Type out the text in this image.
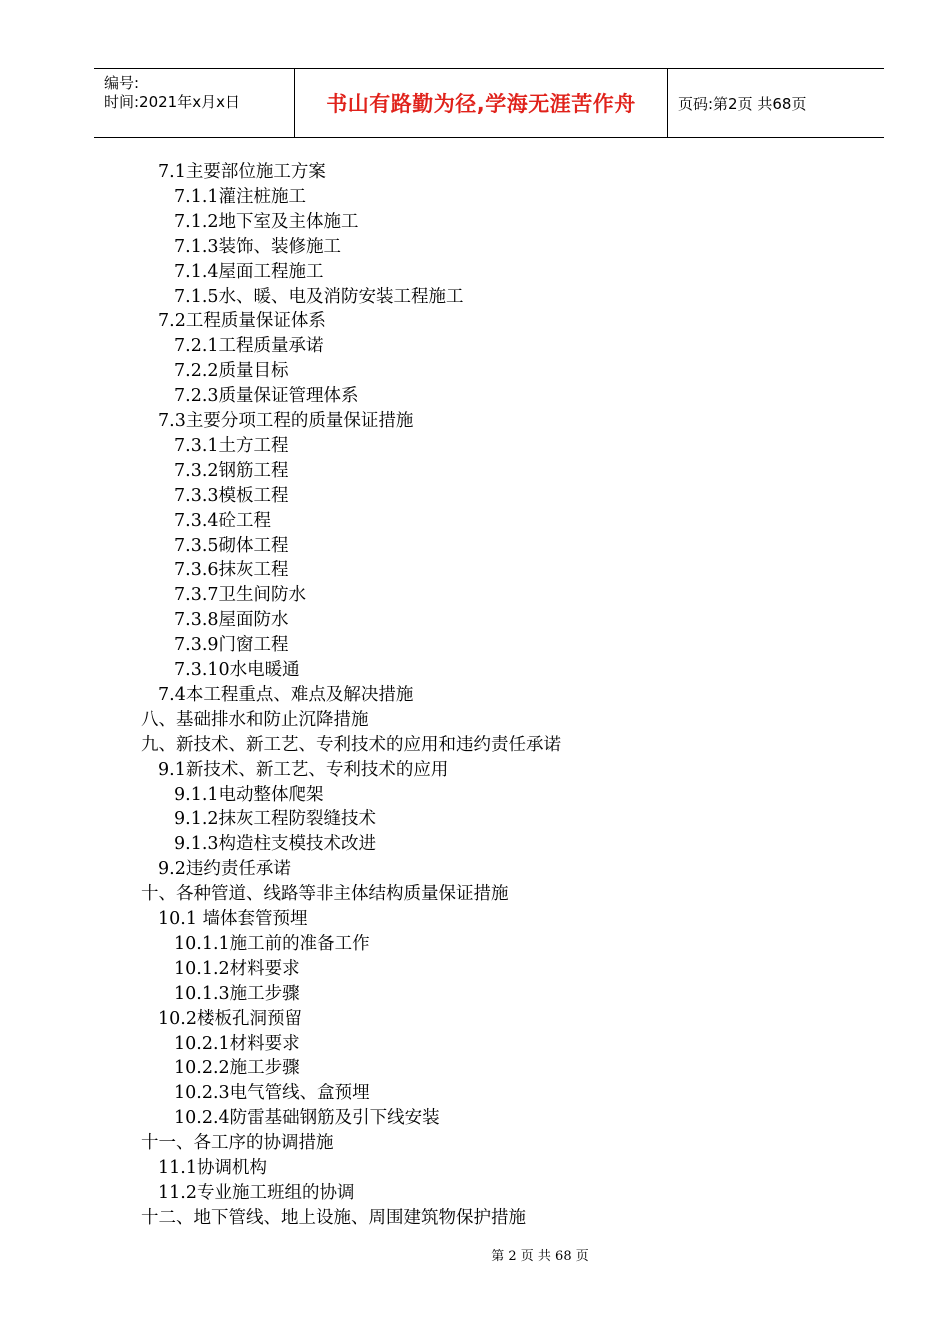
编号:
时间:2021年x月x日	书山有路勤为径,学海无涯苦作舟	页码:第2页 共68页
7.1主要部位施工方案
7.1.1灌注桩施工
7.1.2地下室及主体施工
7.1.3装饰、装修施工
7.1.4屋面工程施工
7.1.5水、暖、电及消防安装工程施工
7.2工程质量保证体系
7.2.1工程质量承诺
7.2.2质量目标
7.2.3质量保证管理体系
7.3主要分项工程的质量保证措施
7.3.1土方工程
7.3.2钢筋工程
7.3.3模板工程
7.3.4砼工程
7.3.5砌体工程
7.3.6抹灰工程
7.3.7卫生间防水
7.3.8屋面防水
7.3.9门窗工程
7.3.10水电暖通
7.4本工程重点、难点及解决措施
八、基础排水和防止沉降措施
九、新技术、新工艺、专利技术的应用和违约责任承诺
9.1新技术、新工艺、专利技术的应用
9.1.1电动整体爬架
9.1.2抹灰工程防裂缝技术
9.1.3构造柱支模技术改进
9.2违约责任承诺
十、各种管道、线路等非主体结构质量保证措施
10.1 墙体套管预埋
10.1.1施工前的准备工作
10.1.2材料要求
10.1.3施工步骤
10.2楼板孔洞预留
10.2.1材料要求
10.2.2施工步骤
10.2.3电气管线、盒预埋
10.2.4防雷基础钢筋及引下线安装
十一、各工序的协调措施
11.1协调机构
11.2专业施工班组的协调
十二、地下管线、地上设施、周围建筑物保护措施
第 2 页 共 68 页
